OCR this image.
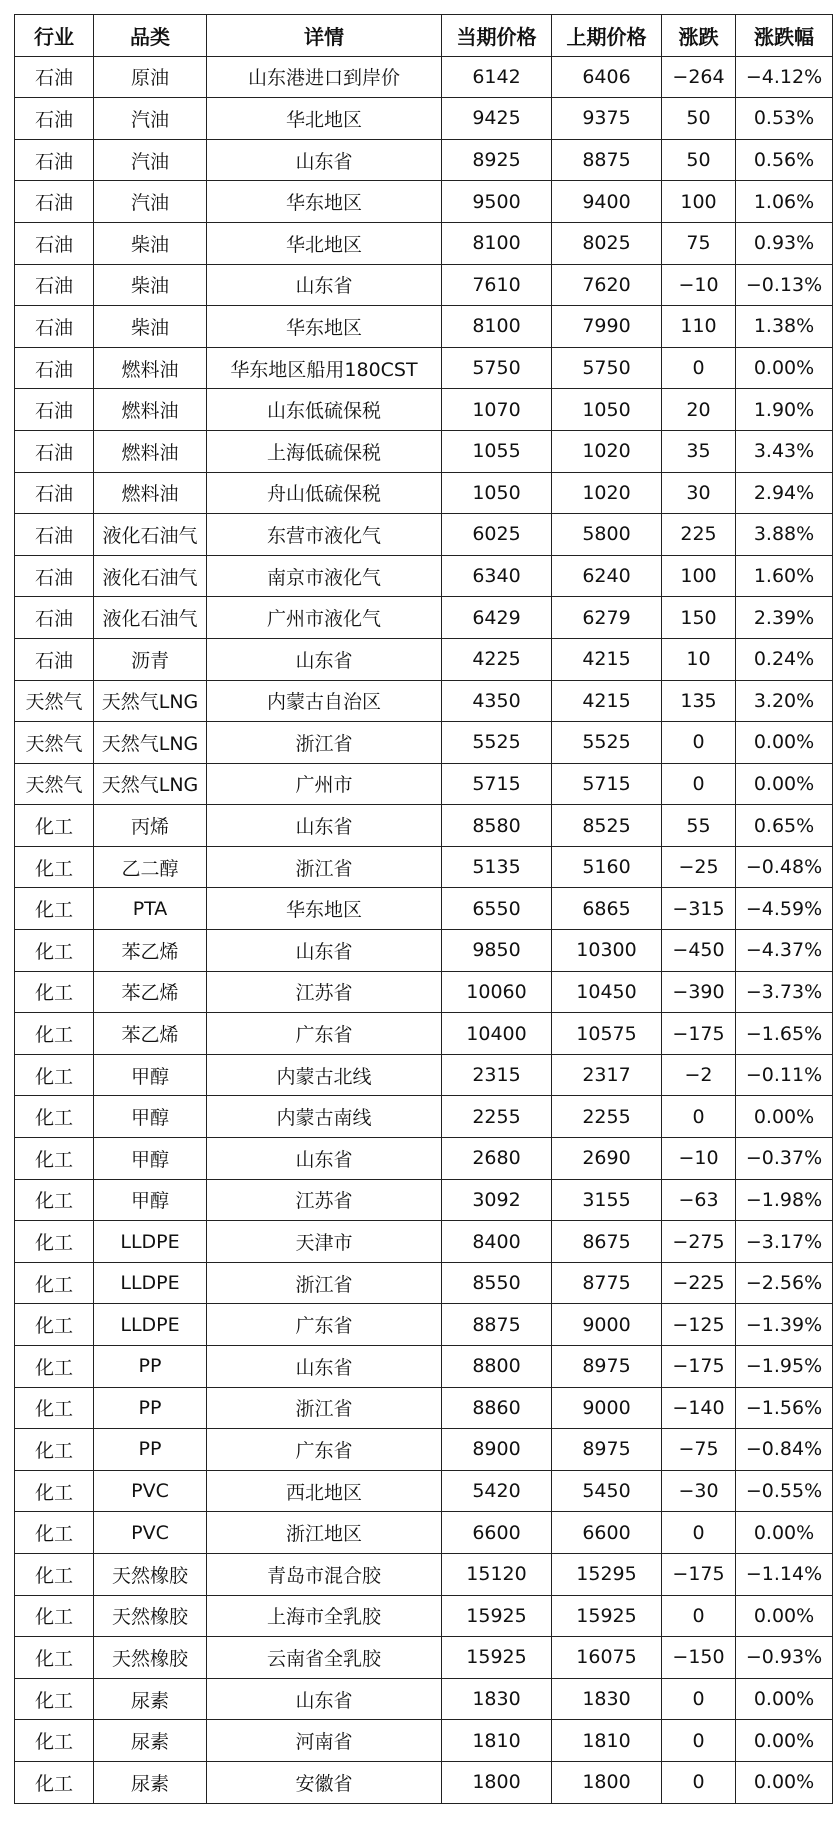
行业	品类	详情	当期价格	上期价格	涨跌	涨跌幅
石油	原油	山东港进口到岸价	6142	6406	−264	−4.12%
石油	汽油	华北地区	9425	9375	50	0.53%
石油	汽油	山东省	8925	8875	50	0.56%
石油	汽油	华东地区	9500	9400	100	1.06%
石油	柴油	华北地区	8100	8025	75	0.93%
石油	柴油	山东省	7610	7620	−10	−0.13%
石油	柴油	华东地区	8100	7990	110	1.38%
石油	燃料油	华东地区船用180CST	5750	5750	0	0.00%
石油	燃料油	山东低硫保税	1070	1050	20	1.90%
石油	燃料油	上海低硫保税	1055	1020	35	3.43%
石油	燃料油	舟山低硫保税	1050	1020	30	2.94%
石油	液化石油气	东营市液化气	6025	5800	225	3.88%
石油	液化石油气	南京市液化气	6340	6240	100	1.60%
石油	液化石油气	广州市液化气	6429	6279	150	2.39%
石油	沥青	山东省	4225	4215	10	0.24%
天然气	天然气LNG	内蒙古自治区	4350	4215	135	3.20%
天然气	天然气LNG	浙江省	5525	5525	0	0.00%
天然气	天然气LNG	广州市	5715	5715	0	0.00%
化工	丙烯	山东省	8580	8525	55	0.65%
化工	乙二醇	浙江省	5135	5160	−25	−0.48%
化工	PTA	华东地区	6550	6865	−315	−4.59%
化工	苯乙烯	山东省	9850	10300	−450	−4.37%
化工	苯乙烯	江苏省	10060	10450	−390	−3.73%
化工	苯乙烯	广东省	10400	10575	−175	−1.65%
化工	甲醇	内蒙古北线	2315	2317	−2	−0.11%
化工	甲醇	内蒙古南线	2255	2255	0	0.00%
化工	甲醇	山东省	2680	2690	−10	−0.37%
化工	甲醇	江苏省	3092	3155	−63	−1.98%
化工	LLDPE	天津市	8400	8675	−275	−3.17%
化工	LLDPE	浙江省	8550	8775	−225	−2.56%
化工	LLDPE	广东省	8875	9000	−125	−1.39%
化工	PP	山东省	8800	8975	−175	−1.95%
化工	PP	浙江省	8860	9000	−140	−1.56%
化工	PP	广东省	8900	8975	−75	−0.84%
化工	PVC	西北地区	5420	5450	−30	−0.55%
化工	PVC	浙江地区	6600	6600	0	0.00%
化工	天然橡胶	青岛市混合胶	15120	15295	−175	−1.14%
化工	天然橡胶	上海市全乳胶	15925	15925	0	0.00%
化工	天然橡胶	云南省全乳胶	15925	16075	−150	−0.93%
化工	尿素	山东省	1830	1830	0	0.00%
化工	尿素	河南省	1810	1810	0	0.00%
化工	尿素	安徽省	1800	1800	0	0.00%
